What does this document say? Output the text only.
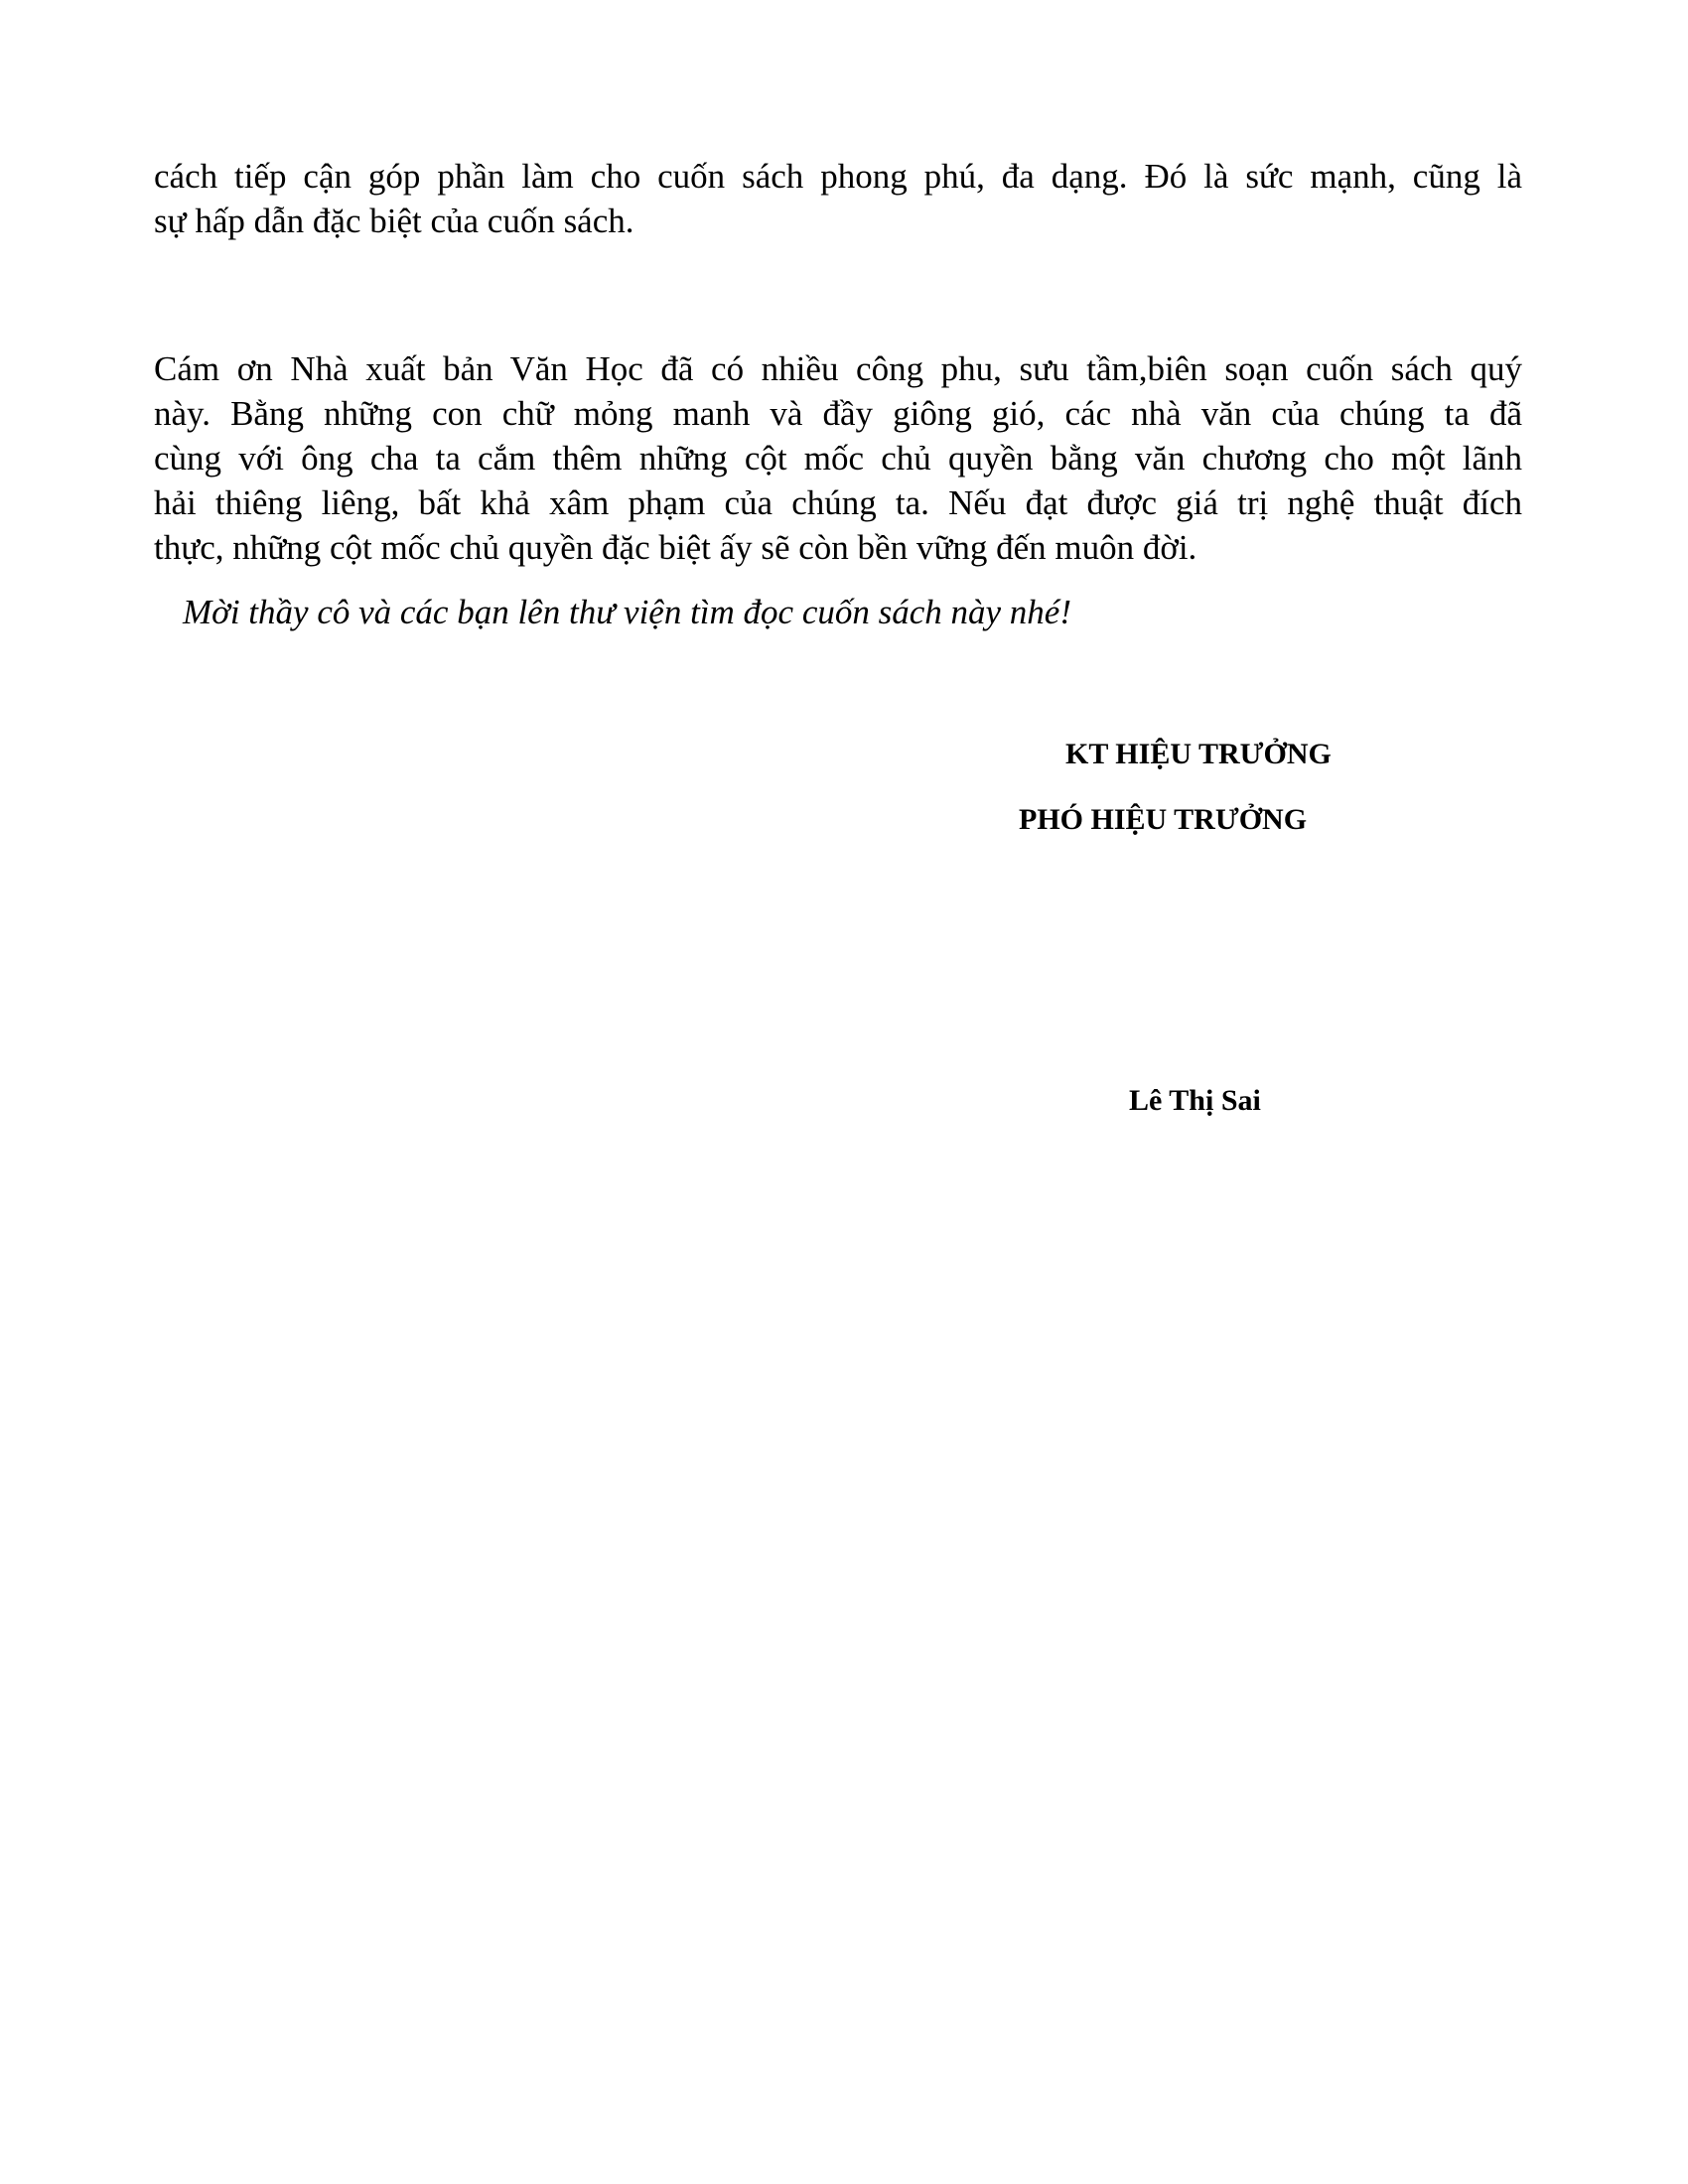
cách tiếp cận góp phần làm cho cuốn sách phong phú, đa dạng. Đó là sức mạnh, cũng là
sự hấp dẫn đặc biệt của cuốn sách.

Cám ơn Nhà xuất bản Văn Học đã có nhiều công phu, sưu tầm,biên soạn cuốn sách quý
này. Bằng những con chữ mỏng manh và đầy giông gió, các nhà văn của chúng ta đã
cùng với ông cha ta cắm thêm những cột mốc chủ quyền bằng văn chương cho một lãnh
hải thiêng liêng, bất khả xâm phạm của chúng ta. Nếu đạt được giá trị nghệ thuật đích
thực, những cột mốc chủ quyền đặc biệt ấy sẽ còn bền vững đến muôn đời.

Mời thầy cô và các bạn lên thư viện tìm đọc cuốn sách này nhé!

KT HIỆU TRƯỞNG

PHÓ HIỆU TRƯỞNG

Lê Thị Sai
